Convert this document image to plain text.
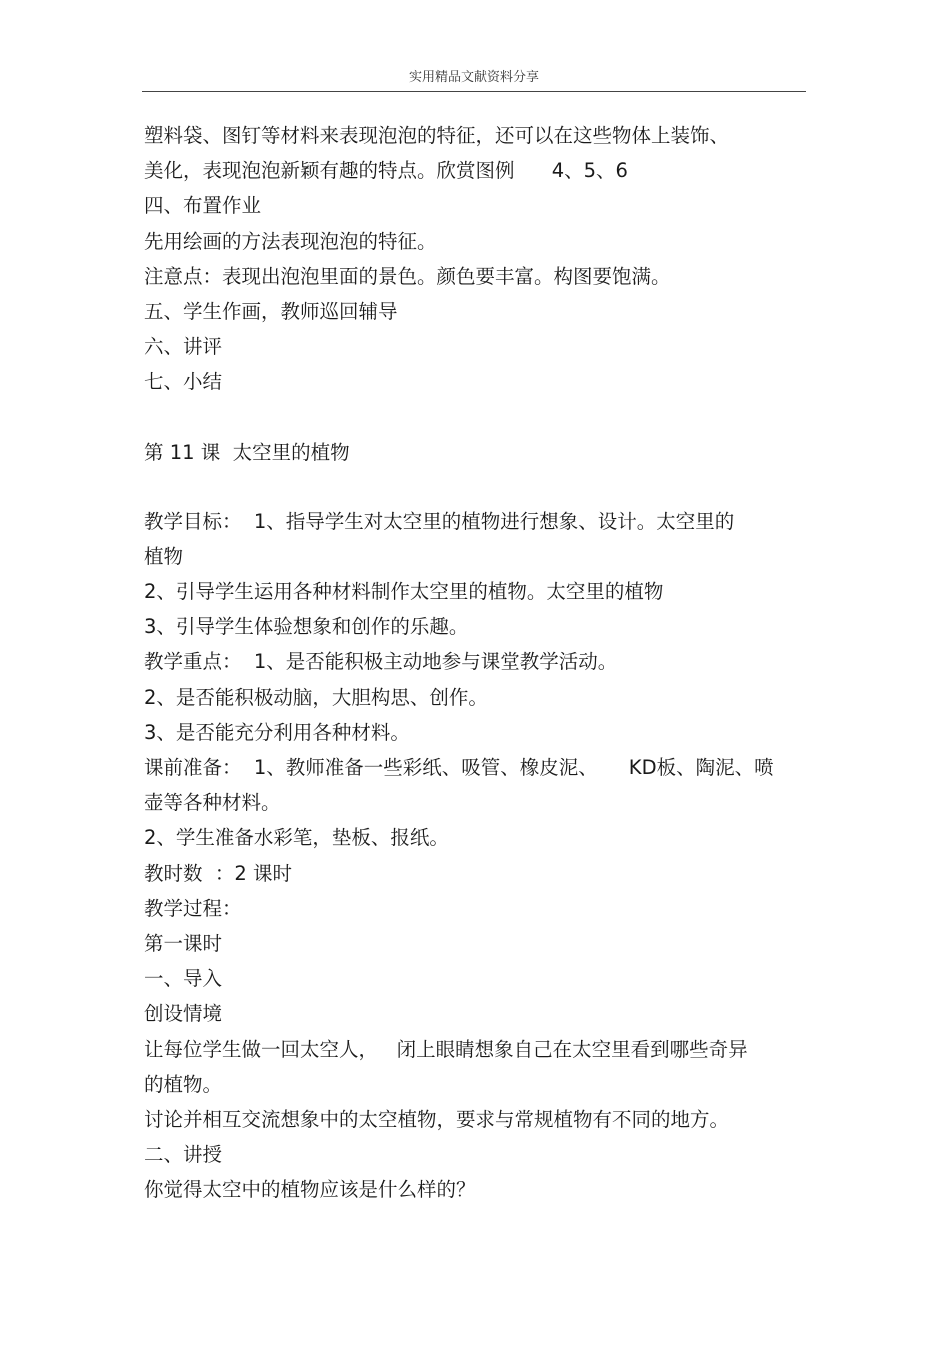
实用精品文献资料分享
塑料袋、图钉等材料来表现泡泡的特征，还可以在这些物体上装饰、
美化，表现泡泡新颖有趣的特点。欣赏图例      4、5、6
四、布置作业
先用绘画的方法表现泡泡的特征。
注意点：表现出泡泡里面的景色。颜色要丰富。构图要饱满。
五、学生作画，教师巡回辅导
六、讲评
七、小结
第 11 课  太空里的植物
教学目标：  1、指导学生对太空里的植物进行想象、设计。太空里的
植物
2、引导学生运用各种材料制作太空里的植物。太空里的植物
3、引导学生体验想象和创作的乐趣。
教学重点：  1、是否能积极主动地参与课堂教学活动。
2、是否能积极动脑，大胆构思、创作。
3、是否能充分利用各种材料。
课前准备：  1、教师准备一些彩纸、吸管、橡皮泥、     KD板、陶泥、喷
壶等各种材料。
2、学生准备水彩笔，垫板、报纸。
教时数  ：2 课时
教学过程：
第一课时
一、导入
创设情境
让每位学生做一回太空人，   闭上眼睛想象自己在太空里看到哪些奇异
的植物。
讨论并相互交流想象中的太空植物，要求与常规植物有不同的地方。
二、讲授
你觉得太空中的植物应该是什么样的？
